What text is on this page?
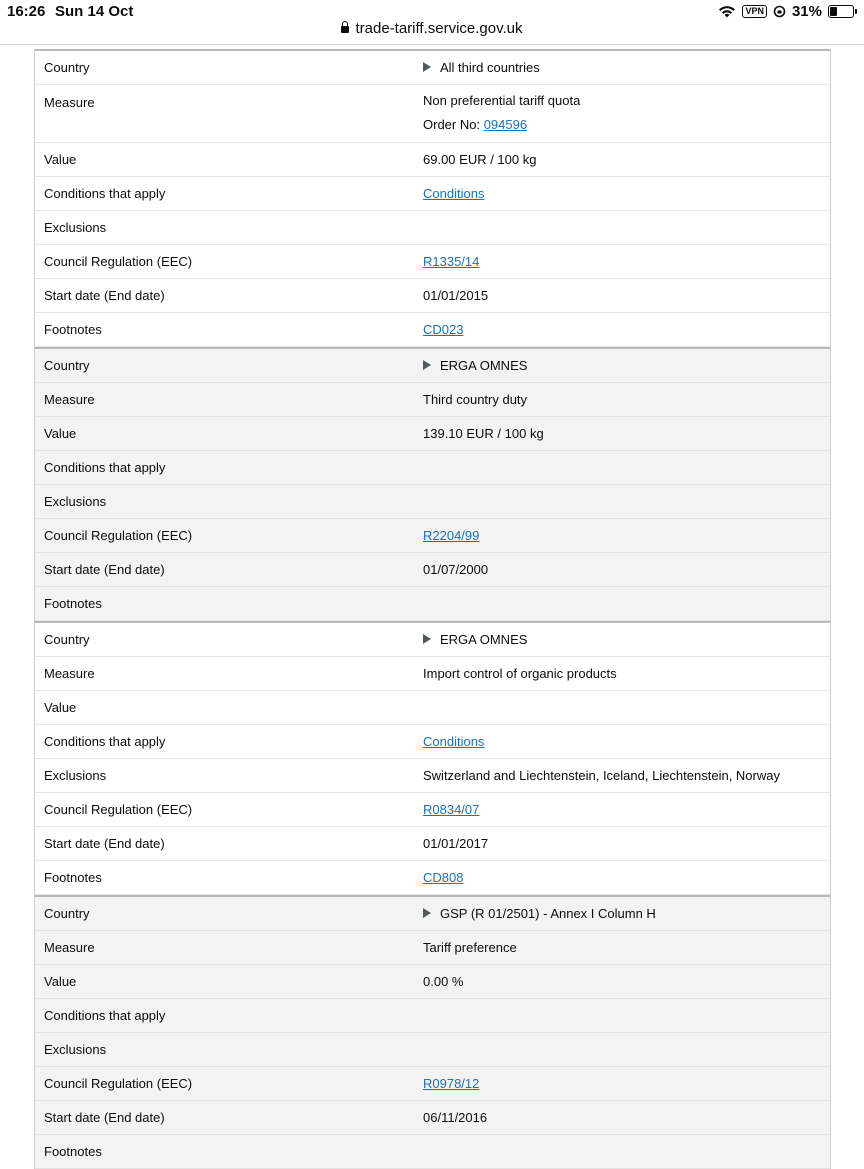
16:26 Sun 14 Oct	VPN 31%
trade-tariff.service.gov.uk
Country	All third countries
Measure	Non preferential tariff quota
Order No: 094596
Value	69.00 EUR / 100 kg
Conditions that apply	Conditions
Exclusions
Council Regulation (EEC)	R1335/14
Start date (End date)	01/01/2015
Footnotes	CD023
Country	ERGA OMNES
Measure	Third country duty
Value	139.10 EUR / 100 kg
Conditions that apply
Exclusions
Council Regulation (EEC)	R2204/99
Start date (End date)	01/07/2000
Footnotes
Country	ERGA OMNES
Measure	Import control of organic products
Value
Conditions that apply	Conditions
Exclusions	Switzerland and Liechtenstein, Iceland, Liechtenstein, Norway
Council Regulation (EEC)	R0834/07
Start date (End date)	01/01/2017
Footnotes	CD808
Country	GSP (R 01/2501) - Annex I Column H
Measure	Tariff preference
Value	0.00 %
Conditions that apply
Exclusions
Council Regulation (EEC)	R0978/12
Start date (End date)	06/11/2016
Footnotes
